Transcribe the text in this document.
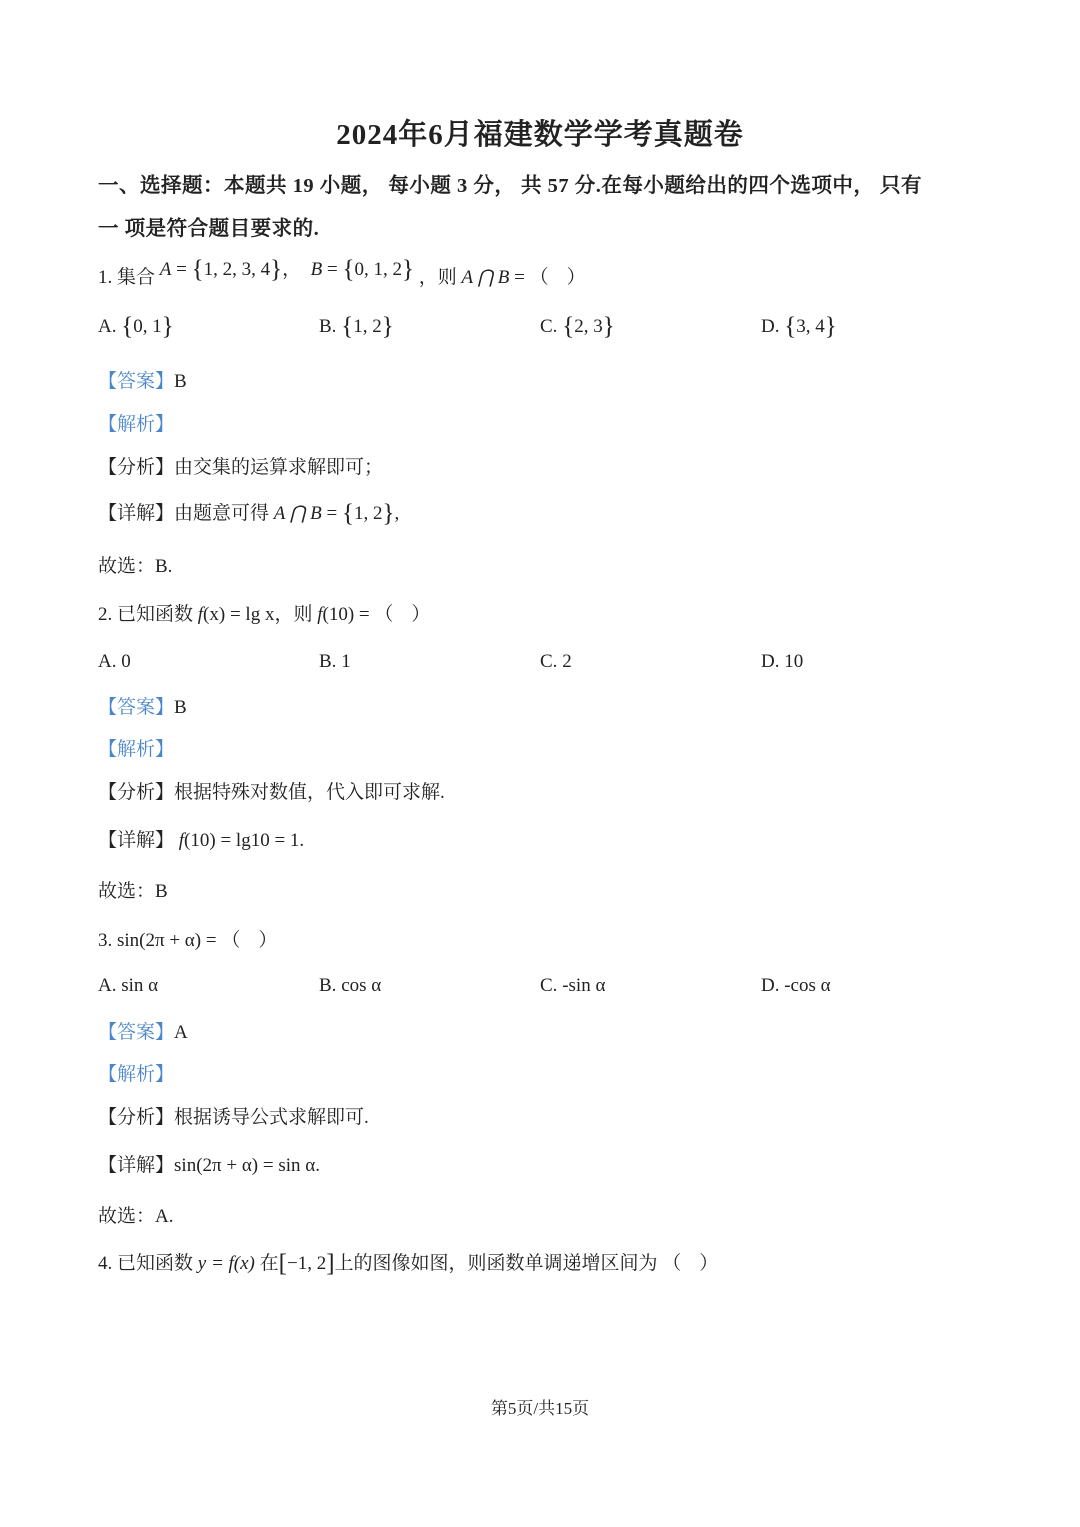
2024年6月福建数学学考真题卷
一、选择题：本题共 19 小题， 每小题 3 分， 共 57 分.在每小题给出的四个选项中， 只有
一 项是符合题目要求的.
1. 集合 A = {1, 2, 3, 4}，  B = {0, 1, 2} ，则 A ⋂ B = （）
A. {0, 1}	B. {1, 2}	C. {2, 3}	D. {3, 4}
【答案】B
【解析】
【分析】由交集的运算求解即可；
【详解】由题意可得 A ⋂ B = {1, 2},
故选：B.
2. 已知函数 f(x) = lg x，则 f(10) = （）
A. 0	B. 1	C. 2	D. 10
【答案】B
【解析】
【分析】根据特殊对数值，代入即可求解.
【详解】 f(10) = lg10 = 1.
故选：B
3. sin(2π + α) = （）
A. sin α	B. cos α	C. -sin α	D. -cos α
【答案】A
【解析】
【分析】根据诱导公式求解即可.
【详解】sin(2π + α) = sin α.
故选：A.
4. 已知函数 y = f(x) 在[−1, 2]上的图像如图，则函数单调递增区间为 （）
第5页/共15页
